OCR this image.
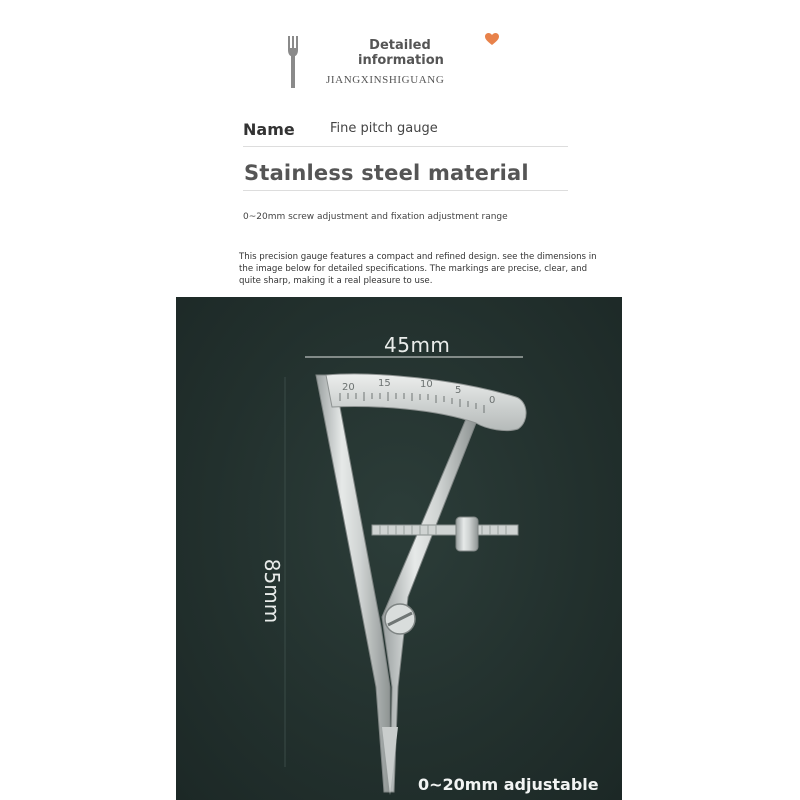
Detailed information
JIANGXINSHIGUANG
Name	Fine pitch gauge
Stainless steel material
0~20mm screw adjustment and fixation adjustment range
This precision gauge features a compact and refined design. see the dimensions in the image below for detailed specifications. The markings are precise, clear, and quite sharp, making it a real pleasure to use.
20 15	10
5
0
45mm
85mm
0~20mm adjustable
